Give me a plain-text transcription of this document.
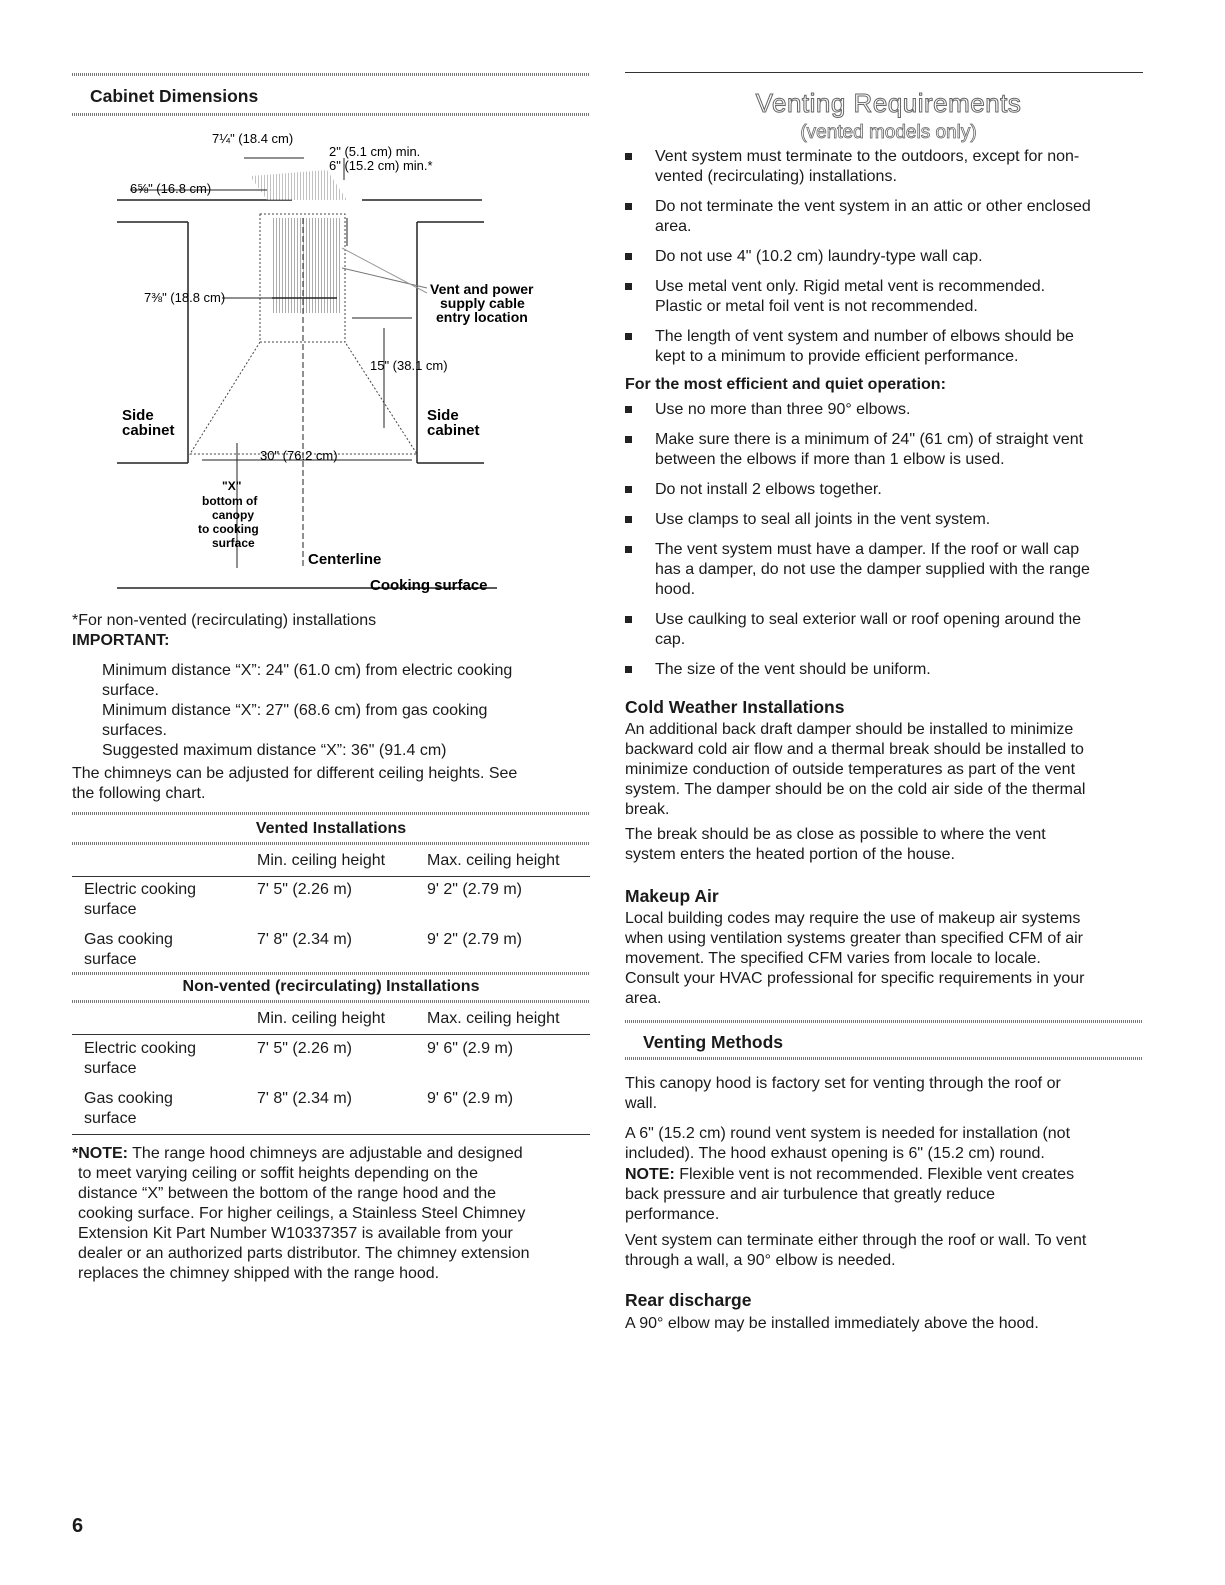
Cabinet Dimensions
7¼" (18.4 cm)
2" (5.1 cm) min.
6" (15.2 cm) min.*
6⅝" (16.8 cm)
7⅜" (18.8 cm)
Vent and power
supply cable
entry location
15" (38.1 cm)
Side
cabinet
Side
cabinet
30" (76.2 cm)
"X"
bottom of
canopy
to cooking
surface
Centerline
Cooking surface
*For non-vented (recirculating) installations
IMPORTANT:
Minimum distance “X”: 24" (61.0 cm) from electric cooking
surface.
Minimum distance “X”: 27" (68.6 cm) from gas cooking
surfaces.
Suggested maximum distance “X”: 36" (91.4 cm)
The chimneys can be adjusted for different ceiling heights. See
the following chart.
Vented Installations
Min. ceiling height	Max. ceiling height
Electric cooking
surface
7' 5" (2.26 m)	9' 2" (2.79 m)
Gas cooking
surface
7' 8" (2.34 m)	9' 2" (2.79 m)
Non-vented (recirculating) Installations
Min. ceiling height	Max. ceiling height
Electric cooking
surface
7' 5" (2.26 m)	9' 6" (2.9 m)
Gas cooking
surface
7' 8" (2.34 m)	9' 6" (2.9 m)
*NOTE: The range hood chimneys are adjustable and designed
to meet varying ceiling or soffit heights depending on the
distance “X” between the bottom of the range hood and the
cooking surface. For higher ceilings, a Stainless Steel Chimney
Extension Kit Part Number W10337357 is available from your
dealer or an authorized parts distributor. The chimney extension
replaces the chimney shipped with the range hood.
Venting Requirements
(vented models only)
Vent system must terminate to the outdoors, except for non-
vented (recirculating) installations.
Do not terminate the vent system in an attic or other enclosed
area.
Do not use 4" (10.2 cm) laundry-type wall cap.
Use metal vent only. Rigid metal vent is recommended.
Plastic or metal foil vent is not recommended.
The length of vent system and number of elbows should be
kept to a minimum to provide efficient performance.
For the most efficient and quiet operation:
Use no more than three 90° elbows.
Make sure there is a minimum of 24" (61 cm) of straight vent
between the elbows if more than 1 elbow is used.
Do not install 2 elbows together.
Use clamps to seal all joints in the vent system.
The vent system must have a damper. If the roof or wall cap
has a damper, do not use the damper supplied with the range
hood.
Use caulking to seal exterior wall or roof opening around the
cap.
The size of the vent should be uniform.
Cold Weather Installations
An additional back draft damper should be installed to minimize
backward cold air flow and a thermal break should be installed to
minimize conduction of outside temperatures as part of the vent
system. The damper should be on the cold air side of the thermal
break.
The break should be as close as possible to where the vent
system enters the heated portion of the house.
Makeup Air
Local building codes may require the use of makeup air systems
when using ventilation systems greater than specified CFM of air
movement. The specified CFM varies from locale to locale.
Consult your HVAC professional for specific requirements in your
area.
Venting Methods
This canopy hood is factory set for venting through the roof or
wall.
A 6" (15.2 cm) round vent system is needed for installation (not
included). The hood exhaust opening is 6" (15.2 cm) round.
NOTE: Flexible vent is not recommended. Flexible vent creates
back pressure and air turbulence that greatly reduce
performance.
Vent system can terminate either through the roof or wall. To vent
through a wall, a 90° elbow is needed.
Rear discharge
A 90° elbow may be installed immediately above the hood.
6
